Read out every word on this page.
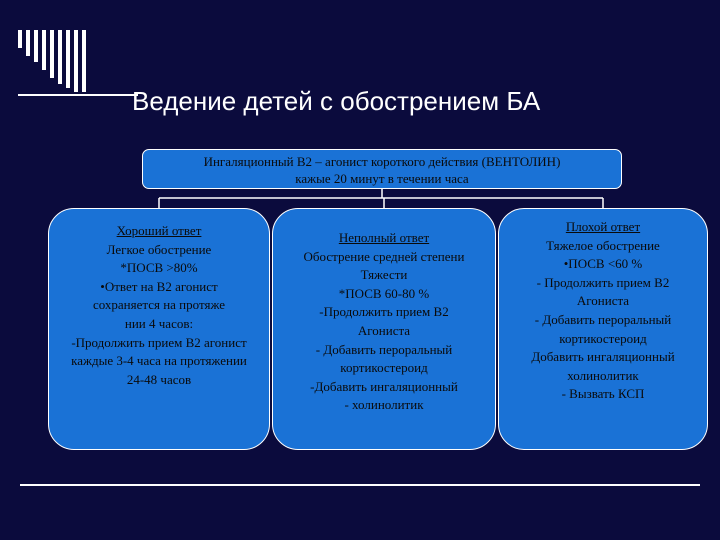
Ведение детей с обострением БА
Ингаляционный В2 – агонист короткого действия (ВЕНТОЛИН)
кажые 20 минут в течении часа
Хороший ответ
Легкое обострение
*ПОСВ >80%
•Ответ на В2 агонист
сохраняется на протяже
нии 4 часов:
-Продолжить прием В2 агонист
каждые 3-4 часа на протяжении
24-48 часов
Неполный ответ
Обострение средней степени
Тяжести
*ПОСВ 60-80 %
-Продолжить прием В2
Агониста
- Добавить пероральный
кортикостероид
-Добавить ингаляционный
- холинолитик
Плохой ответ
Тяжелое обострение
•ПОСВ <60 %
- Продолжить прием В2
Агониста
- Добавить пероральный
кортикостероид
Добавить ингаляционный
холинолитик
- Вызвать КСП
